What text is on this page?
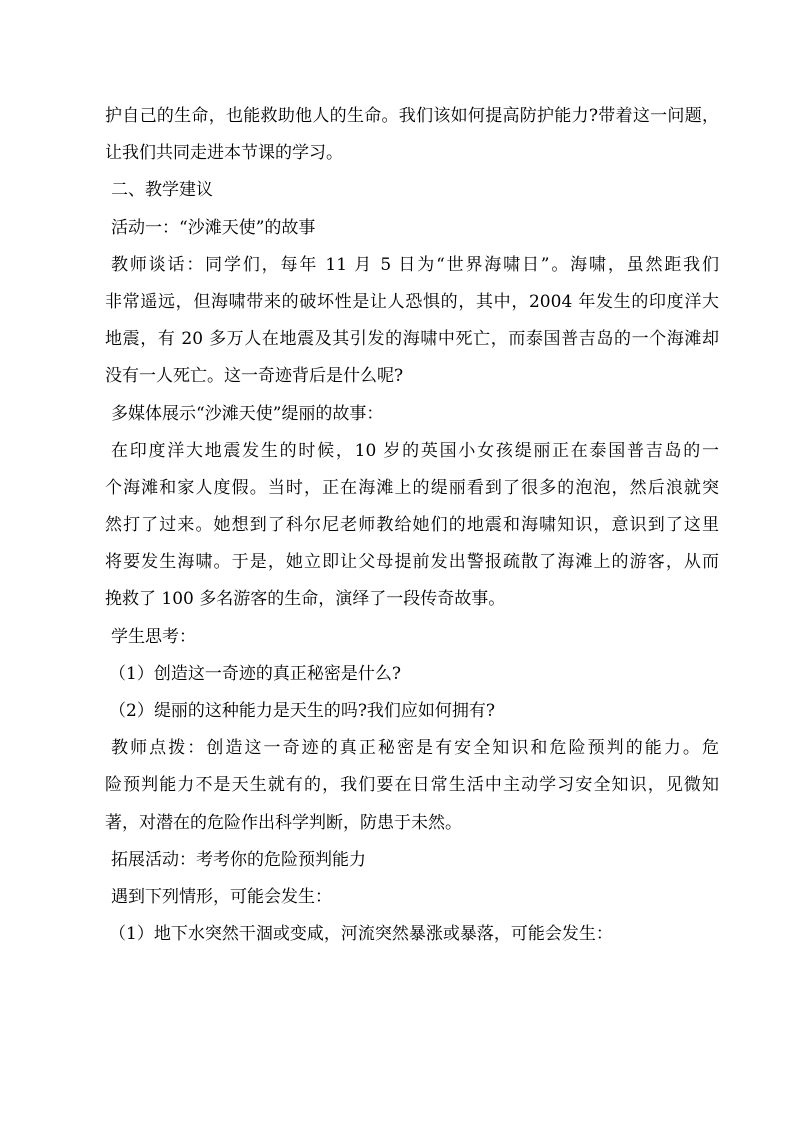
护自己的生命，也能救助他人的生命。我们该如何提高防护能力?带着这一问题，
让我们共同走进本节课的学习。
二、教学建议
活动一：“沙滩天使”的故事
教师谈话：同学们，每年 11 月 5 日为“世界海啸日”。海啸，虽然距我们
非常遥远，但海啸带来的破坏性是让人恐惧的，其中，2004 年发生的印度洋大
地震，有 20 多万人在地震及其引发的海啸中死亡，而泰国普吉岛的一个海滩却
没有一人死亡。这一奇迹背后是什么呢?
多媒体展示“沙滩天使”缇丽的故事：
在印度洋大地震发生的时候，10 岁的英国小女孩缇丽正在泰国普吉岛的一
个海滩和家人度假。当时，正在海滩上的缇丽看到了很多的泡泡，然后浪就突
然打了过来。她想到了科尔尼老师教给她们的地震和海啸知识，意识到了这里
将要发生海啸。于是，她立即让父母提前发出警报疏散了海滩上的游客，从而
挽救了 100 多名游客的生命，演绎了一段传奇故事。
学生思考：
（1）创造这一奇迹的真正秘密是什么?
（2）缇丽的这种能力是天生的吗?我们应如何拥有?
教师点拨：创造这一奇迹的真正秘密是有安全知识和危险预判的能力。危
险预判能力不是天生就有的，我们要在日常生活中主动学习安全知识，见微知
著，对潜在的危险作出科学判断，防患于未然。
拓展活动：考考你的危险预判能力
遇到下列情形，可能会发生：
（1）地下水突然干涸或变咸，河流突然暴涨或暴落，可能会发生：
